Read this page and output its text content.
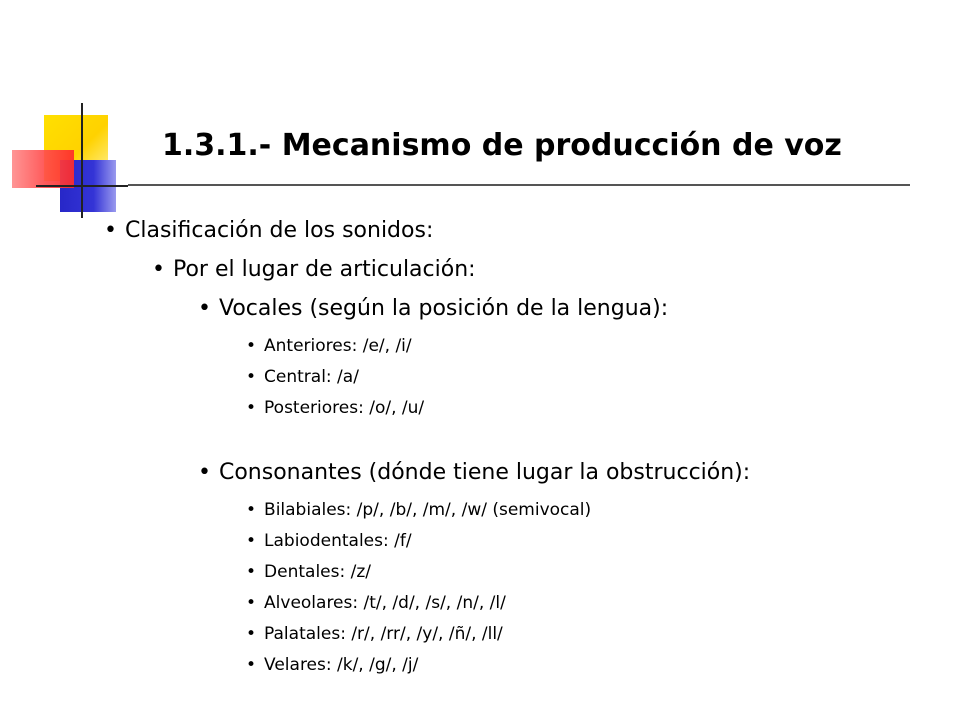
1.3.1.- Mecanismo de producción de voz
• Clasificación de los sonidos:
• Por el lugar de articulación:
• Vocales (según la posición de la lengua):
• Anteriores: /e/, /i/
• Central: /a/
• Posteriores: /o/, /u/
• Consonantes (dónde tiene lugar la obstrucción):
• Bilabiales: /p/, /b/, /m/, /w/ (semivocal)
• Labiodentales: /f/
• Dentales: /z/
• Alveolares: /t/, /d/, /s/, /n/, /l/
• Palatales: /r/, /rr/, /y/, /ñ/, /ll/
• Velares: /k/, /g/, /j/
